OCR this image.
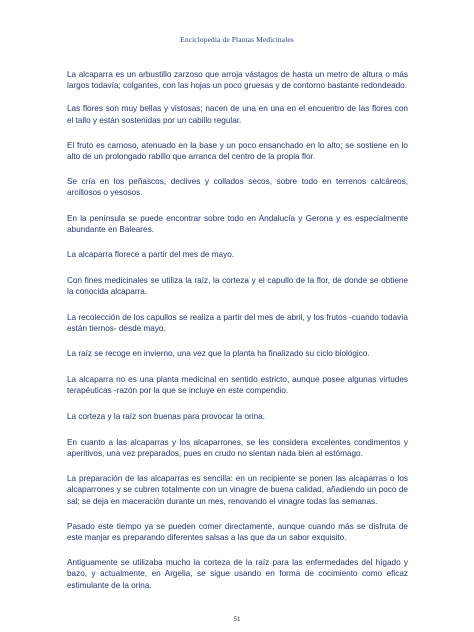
Enciclopedia de Plantas Medicinales

La alcaparra es un arbustillo zarzoso que arroja vástagos de hasta un metro de altura o más largos todavía; colgantes, con las hojas un poco gruesas y de contorno bastante redondeado.

Las flores son muy bellas y vistosas; nacen de una en una en el encuentro de las flores con el tallo y están sostenidas por un cabillo regular.

El fruto es carnoso, atenuado en la base y un poco ensanchado en lo alto; se sostiene en lo alto de un prolongado rabillo que arranca del centro de la propia flor.

Se cría en los peñascos, declives y collados secos, sobre todo en terrenos calcáreos, arcillosos o yesosos.

En la península se puede encontrar sobre todo en Andalucía y Gerona y es especialmente abundante en Baleares.

La alcaparra florece a partir del mes de mayo.

Con fines medicinales se utiliza la raíz, la corteza y el capullo de la flor, de donde se obtiene la conocida alcaparra.

La recolección de los capullos se realiza a partir del mes de abril, y los frutos -cuando todavía están tiernos- desde mayo.

La raíz se recoge en invierno, una vez que la planta ha finalizado su ciclo biológico.

La alcaparra no es una planta medicinal en sentido estricto, aunque posee algunas virtudes terapéuticas -razón por la que se incluye en este compendio.

La corteza y la raíz son buenas para provocar la orina.

En cuanto a las alcaparras y los alcaparrones, se les considera excelentes condimentos y aperitivos, una vez preparados, pues en crudo no sientan nada bien al estómago.

La preparación de las alcaparras es sencilla: en un recipiente se ponen las alcaparras o los alcaparrones y se cubren totalmente con un vinagre de buena calidad, añadiendo un poco de sal; se deja en maceración durante un mes, renovando el vinagre todas las semanas.

Pasado este tiempo ya se pueden comer directamente, aunque cuando más se disfruta de este manjar es preparando diferentes salsas a las que da un sabor exquisito.

Antiguamente se utilizaba mucho la corteza de la raíz para las enfermedades del hígado y bazo, y actualmente, en Argelia, se sigue usando en forma de cocimiento como eficaz estimulante de la orina.

51
